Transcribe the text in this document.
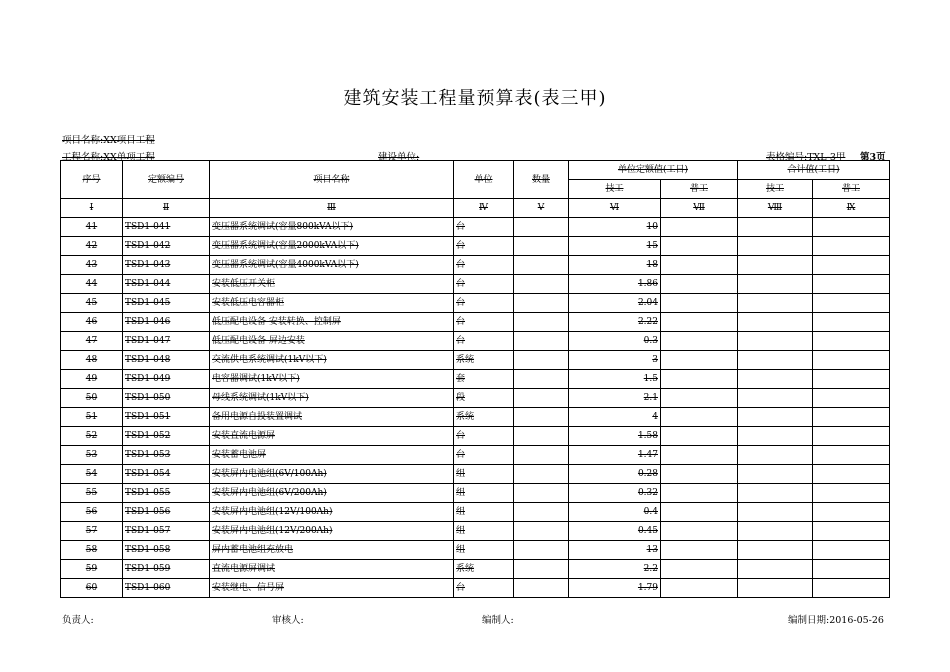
建筑安装工程量预算表(表三甲)
项目名称:XX项目工程
工程名称:XX单项工程	建设单位:	表格编号:TXL-3甲 第3页
序号	定额编号	项目名称	单位	数量	单位定额值(工日)		合计值(工日)	
					技工	普工	技工	普工
Ⅰ	Ⅱ	Ⅲ	Ⅳ	Ⅴ	Ⅵ	Ⅶ	Ⅷ	Ⅸ
41	TSD1-041	变压器系统调试(容量800kVA以下)	台		10			
42	TSD1-042	变压器系统调试(容量2000kVA以下)	台		15			
43	TSD1-043	变压器系统调试(容量4000kVA以下)	台		18			
44	TSD1-044	安装低压开关柜	台		1.86			
45	TSD1-045	安装低压电容器柜	台		2.04			
46	TSD1-046	低压配电设备 安装转换、控制屏	台		2.22			
47	TSD1-047	低压配电设备 屏边安装	台		0.3			
48	TSD1-048	交流供电系统调试(1kV以下)	系统		3			
49	TSD1-049	电容器调试(1kV以下)	套		1.5			
50	TSD1-050	母线系统调试(1kV以下)	段		2.1			
51	TSD1-051	备用电源自投装置调试	系统		4			
52	TSD1-052	安装直流电源屏	台		1.58			
53	TSD1-053	安装蓄电池屏	台		1.47			
54	TSD1-054	安装屏内电池组(6V/100Ah)	组		0.28			
55	TSD1-055	安装屏内电池组(6V/200Ah)	组		0.32			
56	TSD1-056	安装屏内电池组(12V/100Ah)	组		0.4			
57	TSD1-057	安装屏内电池组(12V/200Ah)	组		0.45			
58	TSD1-058	屏内蓄电池组充放电	组		13			
59	TSD1-059	直流电源屏调试	系统		2.2			
60	TSD1-060	安装继电、信号屏	台		1.79			
负责人:	审核人:	编制人:	编制日期:2016-05-26
